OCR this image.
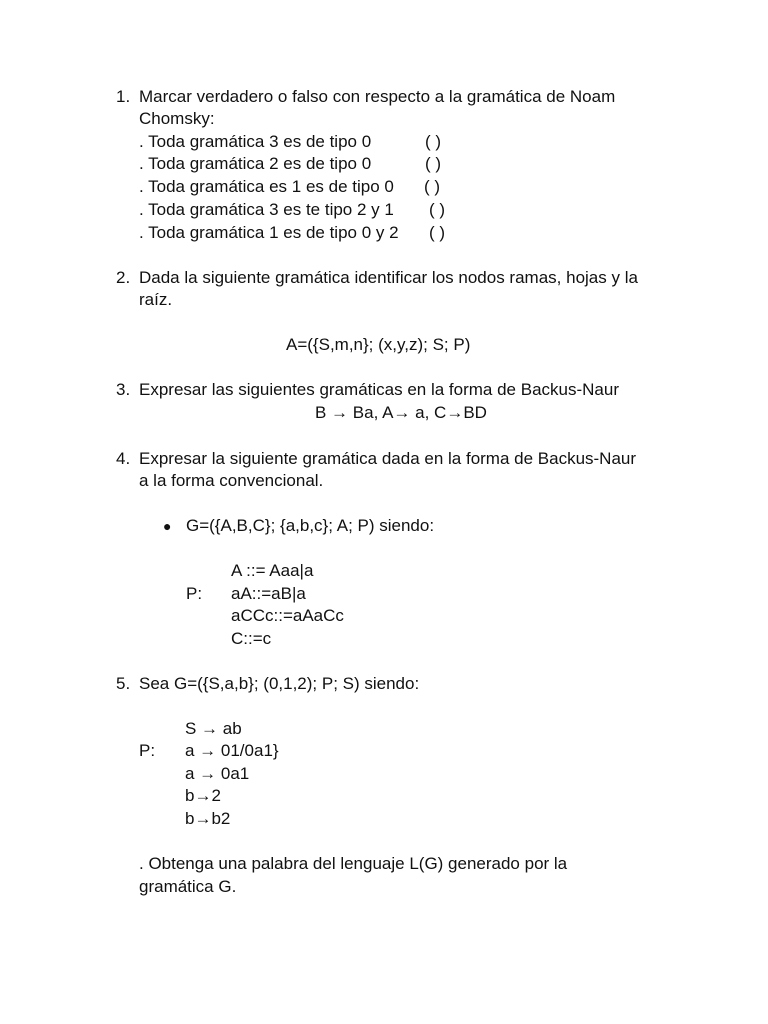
1. Marcar verdadero o falso con respecto a la gramática de Noam
Chomsky:
. Toda gramática 3 es de tipo 0	( )
. Toda gramática 2 es de tipo 0	( )
. Toda gramática es 1 es de tipo 0 ( )
. Toda gramática 3 es te tipo 2 y 1 ( )
. Toda gramática 1 es de tipo 0 y 2 ( )
2. Dada la siguiente gramática identificar los nodos ramas, hojas y la
raíz.
A=({S,m,n}; (x,y,z); S; P)
3. Expresar las siguientes gramáticas en la forma de Backus-Naur
B → Ba, A→ a, C→BD
4. Expresar la siguiente gramática dada en la forma de Backus-Naur
a la forma convencional.
● G=({A,B,C}; {a,b,c}; A; P) siendo:
A ::= Aaa|a
P: aA::=aB|a
aCCc::=aAaCc
C::=c
5. Sea G=({S,a,b}; (0,1,2); P; S) siendo:
S → ab
P: a → 01/0a1}
a → 0a1
b→2
b→b2
. Obtenga una palabra del lenguaje L(G) generado por la
gramática G.
